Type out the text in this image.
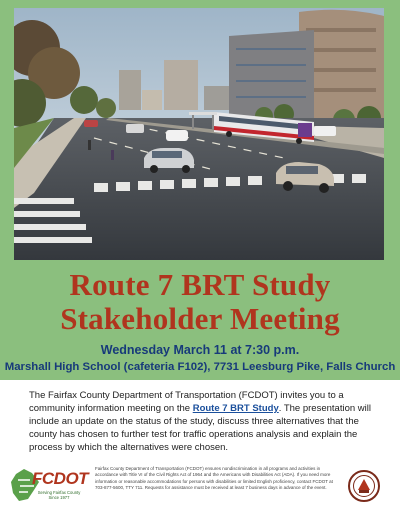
Route 7 BRT Study
Stakeholder Meeting
Wednesday March 11 at 7:30 p.m.
Marshall High School (cafeteria F102), 7731 Leesburg Pike, Falls Church
The Fairfax County Department of Transportation (FCDOT) invites you to a community information meeting on the Route 7 BRT Study. The presentation will include an update on the status of the study, discuss three alternatives that the county has chosen to further test for traffic operations analysis and explain the process by which the alternatives were chosen.
FCDOT
Serving Fairfax County Since 1977
Fairfax County Department of Transportation (FCDOT) ensures nondiscrimination in all programs and activities in accordance with Title VI of the Civil Rights Act of 1964 and the Americans with Disabilities Act (ADA). If you need more information or reasonable accommodations for persons with disabilities or limited English proficiency, contact FCDOT at 703-877-5600, TTY 711. Requests for assistance must be received at least 7 business days in advance of the event.
